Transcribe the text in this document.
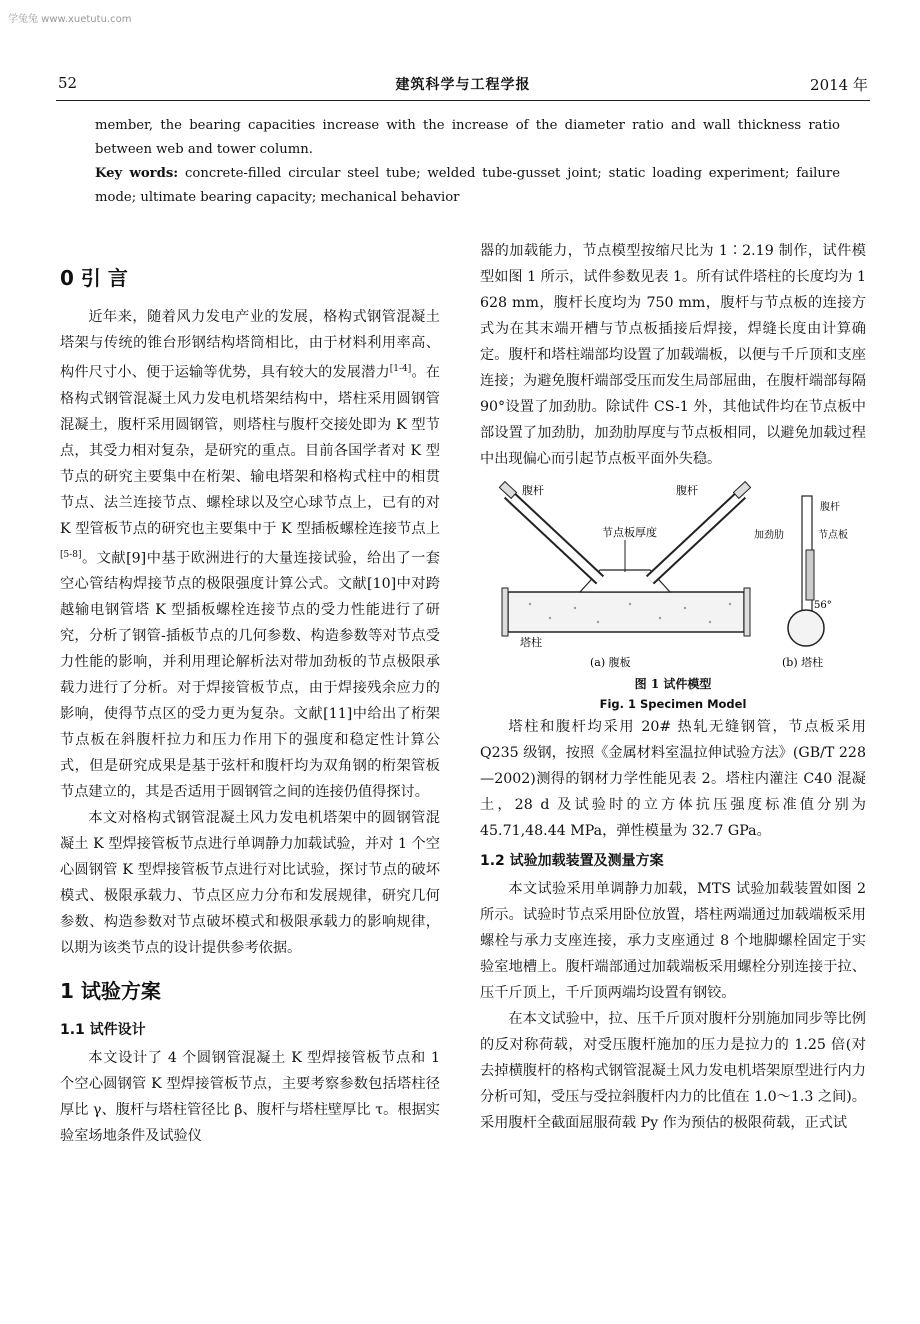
学兔兔 www.xuetutu.com
52	建筑科学与工程学报	2014 年

member, the bearing capacities increase with the increase of the diameter ratio and wall thickness ratio between web and tower column.

Key words: concrete-filled circular steel tube; welded tube-gusset joint; static loading experiment; failure mode; ultimate bearing capacity; mechanical behavior

0 引 言

近年来，随着风力发电产业的发展，格构式钢管混凝土塔架与传统的锥台形钢结构塔筒相比，由于材料利用率高、构件尺寸小、便于运输等优势，具有较大的发展潜力[1-4]。在格构式钢管混凝土风力发电机塔架结构中，塔柱采用圆钢管混凝土，腹杆采用圆钢管，则塔柱与腹杆交接处即为 K 型节点，其受力相对复杂，是研究的重点。目前各国学者对 K 型节点的研究主要集中在桁架、输电塔架和格构式柱中的相贯节点、法兰连接节点、螺栓球以及空心球节点上，已有的对 K 型管板节点的研究也主要集中于 K 型插板螺栓连接节点上[5-8]。文献[9]中基于欧洲进行的大量连接试验，给出了一套空心管结构焊接节点的极限强度计算公式。文献[10]中对跨越输电钢管塔 K 型插板螺栓连接节点的受力性能进行了研究，分析了钢管-插板节点的几何参数、构造参数等对节点受力性能的影响，并利用理论解析法对带加劲板的节点极限承载力进行了分析。对于焊接管板节点，由于焊接残余应力的影响，使得节点区的受力更为复杂。文献[11]中给出了桁架节点板在斜腹杆拉力和压力作用下的强度和稳定性计算公式，但是研究成果是基于弦杆和腹杆均为双角钢的桁架管板节点建立的，其是否适用于圆钢管之间的连接仍值得探讨。

本文对格构式钢管混凝土风力发电机塔架中的圆钢管混凝土 K 型焊接管板节点进行单调静力加载试验，并对 1 个空心圆钢管 K 型焊接管板节点进行对比试验，探讨节点的破坏模式、极限承载力、节点区应力分布和发展规律，研究几何参数、构造参数对节点破坏模式和极限承载力的影响规律，以期为该类节点的设计提供参考依据。

1 试验方案
1.1 试件设计

本文设计了 4 个圆钢管混凝土 K 型焊接管板节点和 1 个空心圆钢管 K 型焊接管板节点，主要考察参数包括塔柱径厚比 γ、腹杆与塔柱管径比 β、腹杆与塔柱壁厚比 τ。根据实验室场地条件及试验仪

器的加载能力，节点模型按缩尺比为 1∶2.19 制作，试件模型如图 1 所示，试件参数见表 1。所有试件塔柱的长度均为 1 628 mm，腹杆长度均为 750 mm，腹杆与节点板的连接方式为在其末端开槽与节点板插接后焊接，焊缝长度由计算确定。腹杆和塔柱端部均设置了加载端板，以便与千斤顶和支座连接；为避免腹杆端部受压而发生局部屈曲，在腹杆端部每隔 90°设置了加劲肋。除试件 CS-1 外，其他试件均在节点板中部设置了加劲肋，加劲肋厚度与节点板相同，以避免加载过程中出现偏心而引起节点板平面外失稳。

腹杆	腹杆
节点板厚度
塔柱
(a) 腹板
腹杆
加劲肋	节点板
56°
(b) 塔柱
图 1 试件模型
Fig. 1 Specimen Model

塔柱和腹杆均采用 20# 热轧无缝钢管，节点板采用 Q235 级钢，按照《金属材料室温拉伸试验方法》(GB/T 228—2002)测得的钢材力学性能见表 2。塔柱内灌注 C40 混凝土，28 d 及试验时的立方体抗压强度标准值分别为 45.71,48.44 MPa，弹性模量为 32.7 GPa。

1.2 试验加载装置及测量方案

本文试验采用单调静力加载，MTS 试验加载装置如图 2 所示。试验时节点采用卧位放置，塔柱两端通过加载端板采用螺栓与承力支座连接，承力支座通过 8 个地脚螺栓固定于实验室地槽上。腹杆端部通过加载端板采用螺栓分别连接于拉、压千斤顶上，千斤顶两端均设置有钢铰。

在本文试验中，拉、压千斤顶对腹杆分别施加同步等比例的反对称荷载，对受压腹杆施加的压力是拉力的 1.25 倍(对去掉横腹杆的格构式钢管混凝土风力发电机塔架原型进行内力分析可知，受压与受拉斜腹杆内力的比值在 1.0～1.3 之间)。采用腹杆全截面屈服荷载 Py 作为预估的极限荷载，正式试
